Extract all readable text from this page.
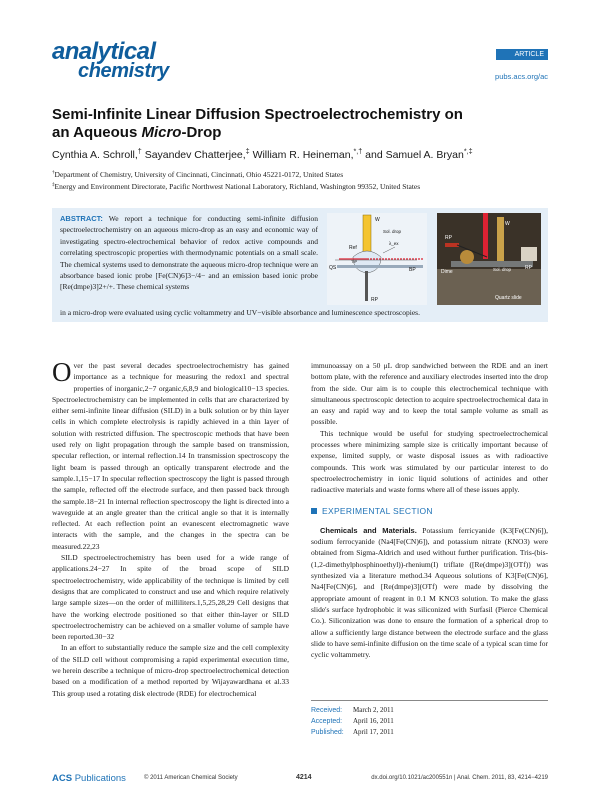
analytical
chemistry
ARTICLE
pubs.acs.org/ac
Semi-Infinite Linear Diffusion Spectroelectrochemistry on
an Aqueous Micro-Drop
Cynthia A. Schroll,† Sayandev Chatterjee,‡ William R. Heineman,*,† and Samuel A. Bryan*,‡
†Department of Chemistry, University of Cincinnati, Cincinnati, Ohio 45221-0172, United States
‡Energy and Environment Directorate, Pacific Northwest National Laboratory, Richland, Washington 99352, United States
ABSTRACT: We report a technique for conducting semi-infinite diffusion spectroelectrochemistry on an aqueous micro-drop as an easy and economic way of investigating spectro-electrochemical behavior of redox active compounds and correlating spectroscopic properties with thermodynamic potentials on a small scale. The chemical systems used to demonstrate the aqueous micro-drop technique were an absorbance based ionic probe [Fe(CN)6]3−/4− and an emission based ionic probe [Re(dmpe)3]2+/+. These chemical systems
in a micro-drop were evaluated using cyclic voltammetry and UV−visible absorbance and luminescence spectroscopies.
W
Sol. drop
Ref
TIP
QS	BP
RP
λ_ex
W
Dime
RP
Sol. drop	RP
Quartz slide

Over the past several decades spectroelectrochemistry has gained importance as a technique for measuring the redox1 and spectral properties of inorganic,2−7 organic,6,8,9 and biological10−13 species. Spectroelectrochemistry can be implemented in cells that are characterized by either semi-infinite linear diffusion (SILD) in a bulk solution or by thin layer cells in which complete electrolysis is rapidly achieved in a thin layer of solution with restricted diffusion. The spectroscopic methods that have been used rely on light propagation through the sample based on transmission, specular reflection, or internal reflection.14 In transmission spectroscopy the light beam is passed through an optically transparent electrode and the sample.1,15−17 In specular reflection spectroscopy the light is passed through the sample, reflected off the electrode surface, and then passed back through the sample.18−21 In internal reflection spectroscopy the light is directed into a waveguide at an angle greater than the critical angle so that it is internally reflected. At each reflection point an evanescent electromagnetic wave interacts with the sample, and the changes in the spectra can be measured.22,23

SILD spectroelectrochemistry has been used for a wide range of applications.24−27 In spite of the broad scope of SILD spectroelectrochemistry, wide applicability of the technique is limited by cell designs that are complicated to construct and use and which require relatively large sample sizes—on the order of milliliters.1,5,25,28,29 Cell designs that have the working electrode positioned so that either thin-layer or SILD spectroelectrochemistry can be achieved on a smaller volume of sample have been reported.30−32

In an effort to substantially reduce the sample size and the cell complexity of the SILD cell without compromising a rapid experimental execution time, we herein describe a technique of micro-drop spectroelectrochemical detection based on a modification of a method reported by Wijayawardhana et al.33 This group used a rotating disk electrode (RDE) for electrochemical

immunoassay on a 50 μL drop sandwiched between the RDE and an inert bottom plate, with the reference and auxiliary electrodes inserted into the drop from the side. Our aim is to couple this electrochemical technique with simultaneous spectroscopic detection to acquire spectroelectrochemical data in an easy and rapid way and to keep the total sample volume as small as possible.

This technique would be useful for studying spectroelectrochemical processes where minimizing sample size is critically important because of expense, limited supply, or waste disposal issues as with radioactive compounds. This work was stimulated by our particular interest to do spectroelectrochemistry in ionic liquid solutions of actinides and other radioactive materials and waste forms where all of these issues apply.

EXPERIMENTAL SECTION

Chemicals and Materials. Potassium ferricyanide (K3[Fe(CN)6]), sodium ferrocyanide (Na4[Fe(CN)6]), and potassium nitrate (KNO3) were obtained from Sigma-Aldrich and used without further purification. Tris-(bis-(1,2-dimethylphosphinoethyl))-rhenium(I) triflate ([Re(dmpe)3](OTf)) was synthesized via a literature method.34 Aqueous solutions of K3[Fe(CN)6], Na4[Fe(CN)6], and [Re(dmpe)3](OTf) were made by dissolving the appropriate amount of reagent in 0.1 M KNO3 solution. To make the glass slide's surface hydrophobic it was siliconized with Surfasil (Pierce Chemical Co.). Siliconization was done to ensure the formation of a spherical drop to allow a sufficiently large distance between the electrode surface and the glass slide to have semi-infinite diffusion on the time scale of a typical scan time for cyclic voltammetry.

Received:	March 2, 2011
Accepted:	April 16, 2011
Published:	April 17, 2011
ACS Publications	© 2011 American Chemical Society	4214	dx.doi.org/10.1021/ac200551n | Anal. Chem. 2011, 83, 4214−4219
